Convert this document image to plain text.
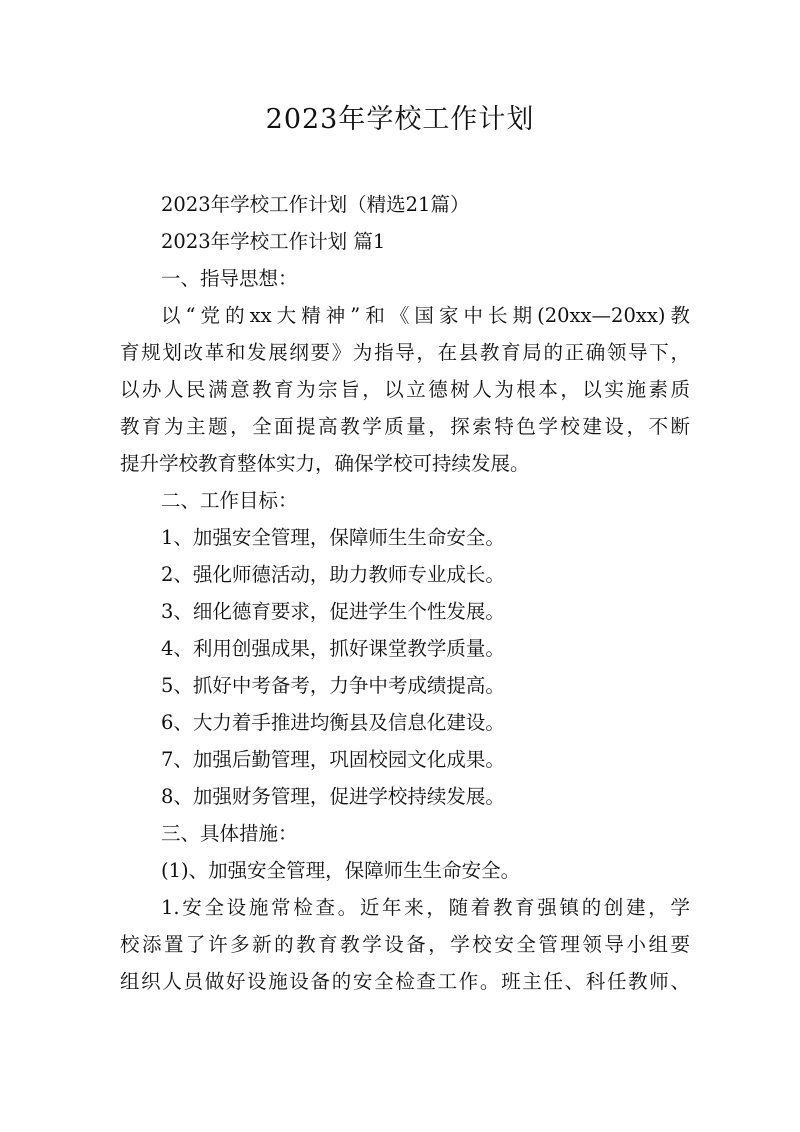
2023年学校工作计划
2023年学校工作计划（精选21篇）
2023年学校工作计划 篇1
一、指导思想：
以“党的xx大精神”和《国家中长期(20xx—20xx)教
育规划改革和发展纲要》为指导，在县教育局的正确领导下，
以办人民满意教育为宗旨，以立德树人为根本，以实施素质
教育为主题，全面提高教学质量，探索特色学校建设，不断
提升学校教育整体实力，确保学校可持续发展。
二、工作目标：
1、加强安全管理，保障师生生命安全。
2、强化师德活动，助力教师专业成长。
3、细化德育要求，促进学生个性发展。
4、利用创强成果，抓好课堂教学质量。
5、抓好中考备考，力争中考成绩提高。
6、大力着手推进均衡县及信息化建设。
7、加强后勤管理，巩固校园文化成果。
8、加强财务管理，促进学校持续发展。
三、具体措施：
(1)、加强安全管理，保障师生生命安全。
1.安全设施常检查。近年来，随着教育强镇的创建，学
校添置了许多新的教育教学设备，学校安全管理领导小组要
组织人员做好设施设备的安全检查工作。班主任、科任教师、
